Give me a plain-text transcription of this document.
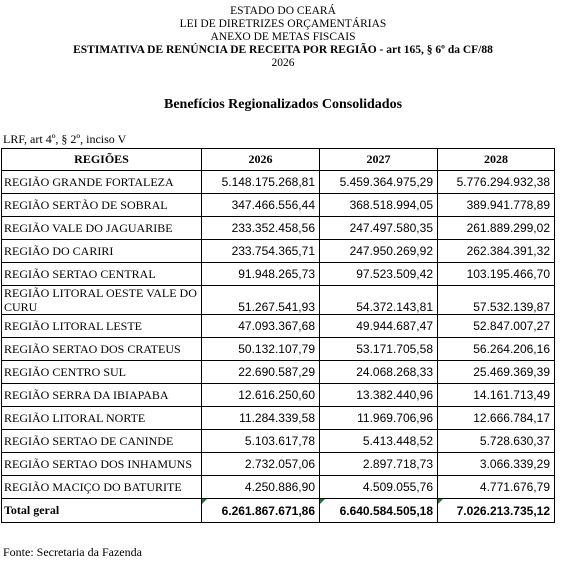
ESTADO DO CEARÁ
LEI DE DIRETRIZES ORÇAMENTÁRIAS
ANEXO DE METAS FISCAIS
ESTIMATIVA DE RENÚNCIA DE RECEITA POR REGIÃO - art 165, § 6º da CF/88
2026
Benefícios Regionalizados Consolidados
LRF, art 4º, § 2º, inciso V
REGIÕES	2026	2027	2028
REGIÃO GRANDE FORTALEZA	5.148.175.268,81	5.459.364.975,29	5.776.294.932,38
REGIÃO SERTÃO DE SOBRAL	347.466.556,44	368.518.994,05	389.941.778,89
REGIÃO VALE DO JAGUARIBE	233.352.458,56	247.497.580,35	261.889.299,02
REGIÃO DO CARIRI	233.754.365,71	247.950.269,92	262.384.391,32
REGIÃO SERTAO CENTRAL	91.948.265,73	97.523.509,42	103.195.466,70
REGIÃO LITORAL OESTE VALE DO CURU	51.267.541,93	54.372.143,81	57.532.139,87
REGIÃO LITORAL LESTE	47.093.367,68	49.944.687,47	52.847.007,27
REGIÃO SERTAO DOS CRATEUS	50.132.107,79	53.171.705,58	56.264.206,16
REGIÃO CENTRO SUL	22.690.587,29	24.068.268,33	25.469.369,39
REGIÃO SERRA DA IBIAPABA	12.616.250,60	13.382.440,96	14.161.713,49
REGIÃO LITORAL NORTE	11.284.339,58	11.969.706,96	12.666.784,17
REGIÃO SERTAO DE CANINDE	5.103.617,78	5.413.448,52	5.728.630,37
REGIÃO SERTAO DOS INHAMUNS	2.732.057,06	2.897.718,73	3.066.339,29
REGIÃO MACIÇO DO BATURITE	4.250.886,90	4.509.055,76	4.771.676,79
Total geral	6.261.867.671,86	6.640.584.505,18	7.026.213.735,12
Fonte: Secretaria da Fazenda
